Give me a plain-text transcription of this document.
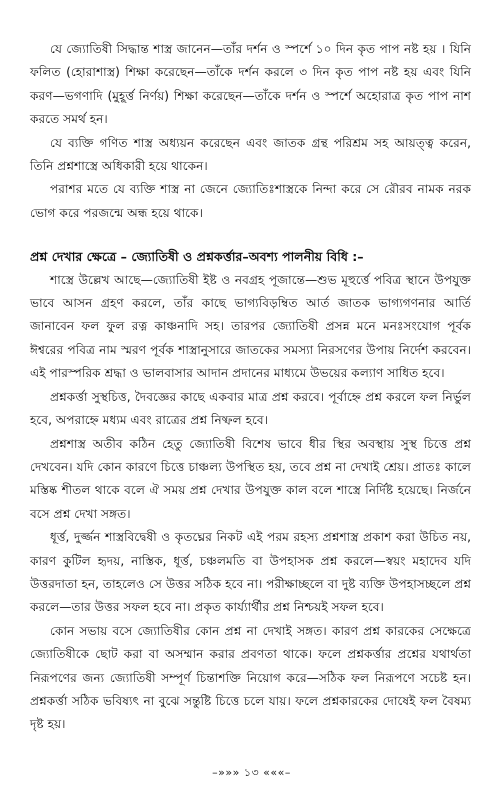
যে জ্যোতিষী সিদ্ধান্ত শাস্ত্র জানেন—তাঁর দর্শন ও স্পর্শে ১০ দিন কৃত পাপ নষ্ট হয় । যিনি ফলিত (হোরাশাস্ত্র) শিক্ষা করেছেন—তাঁকে দর্শন করলে ৩ দিন কৃত পাপ নষ্ট হয় এবং যিনি করণ—ভগণাদি (মুহূর্ত্ত নির্ণয়) শিক্ষা করেছেন—তাঁকে দর্শন ও স্পর্শে অহোরাত্র কৃত পাপ নাশ করতে সমর্থ হন।

যে ব্যক্তি গণিত শাস্ত্র অধ্যয়ন করেছেন এবং জাতক গ্রন্থ পরিশ্রম সহ আয়ত্ত্ব করেন, তিনি প্রশ্নশাস্ত্রে অধিকারী হয়ে থাকেন।

পরাশর মতে যে ব্যক্তি শাস্ত্র না জেনে জ্যোতিঃশাস্ত্রকে নিন্দা করে সে রৌরব নামক নরক ভোগ করে পরজন্মে অন্ধ হয়ে থাকে।

প্রশ্ন দেখার ক্ষেত্রে – জ্যোতিষী ও প্রশ্নকর্ত্তার–অবশ্য পালনীয় বিধি :–

শাস্ত্রে উল্লেখ আছে—জ্যোতিষী ইষ্ট ও নবগ্রহ পূজান্তে—শুভ মূহুর্ত্তে পবিত্র স্থানে উপযুক্ত ভাবে আসন গ্রহণ করলে, তাঁর কাছে ভাগ্যবিড়ম্বিত আর্ত জাতক ভাগ্যগণনার আর্তি জানাবেন ফল ফুল রত্ন কাঞ্চনাদি সহ। তারপর জ্যোতিষী প্রসন্ন মনে মনঃসংযোগ পূর্বক ঈশ্বরের পবিত্র নাম স্মরণ পূর্বক শাস্ত্রানুসারে জাতকের সমস্যা নিরসণের উপায় নির্দেশ করবেন। এই পারস্পরিক শ্রদ্ধা ও ভালবাসার আদান প্রদানের মাধ্যমে উভয়ের কল্যাণ সাধিত হবে।

প্রশ্নকর্ত্তা সুস্থচিত্ত, দৈবজ্ঞের কাছে একবার মাত্র প্রশ্ন করবে। পূর্বাহ্নে প্রশ্ন করলে ফল নির্ভুল হবে, অপরাহ্নে মধ্যম এবং রাত্রের প্রশ্ন নিষ্ফল হবে।

প্রশ্নশাস্ত্র অতীব কঠিন হেতু জ্যোতিষী বিশেষ ভাবে ধীর স্থির অবস্থায় সুস্থ চিত্তে প্রশ্ন দেখবেন। যদি কোন কারণে চিত্তে চাঞ্চল্য উপস্থিত হয়, তবে প্রশ্ন না দেখাই শ্রেয়। প্রাতঃ কালে মস্তিষ্ক শীতল থাকে বলে ঐ সময় প্রশ্ন দেখার উপযুক্ত কাল বলে শাস্ত্রে নির্দিষ্ট হয়েছে। নির্জনে বসে প্রশ্ন দেখা সঙ্গত।

ধূর্ত্ত, দুর্জ্জন শাস্ত্রবিদ্বেষী ও কৃতঘ্নের নিকট এই পরম রহস্য প্রশ্নশাস্ত্র প্রকাশ করা উচিত নয়, কারণ কুটিল হৃদয়, নাস্তিক, ধূর্ত্ত, চঞ্চলমতি বা উপহাসক প্রশ্ন করলে—স্বয়ং মহাদেব যদি উত্তরদাতা হন, তাহলেও সে উত্তর সঠিক হবে না। পরীক্ষাচ্ছলে বা দুষ্ট ব্যক্তি উপহাসচ্ছলে প্রশ্ন করলে—তার উত্তর সফল হবে না। প্রকৃত কার্য্যার্থীর প্রশ্ন নিশ্চয়ই সফল হবে।

কোন সভায় বসে জ্যোতিষীর কোন প্রশ্ন না দেখাই সঙ্গত। কারণ প্রশ্ন কারকের সেক্ষেত্রে জ্যোতিষীকে ছোট করা বা অসম্মান করার প্রবণতা থাকে। ফলে প্রশ্নকর্ত্তার প্রশ্নের যথার্থতা নিরূপণের জন্য জ্যোতিষী সম্পূর্ণ চিন্তাশক্তি নিয়োগ করে—সঠিক ফল নিরূপণে সচেষ্ট হন। প্রশ্নকর্ত্তা সঠিক ভবিষ্যৎ না বুঝে সন্তুষ্টি চিত্তে চলে যায়। ফলে প্রশ্নকারকের দোষেই ফল বৈষম্য দৃষ্ট হয়।

–»»» ১৩ «««–
